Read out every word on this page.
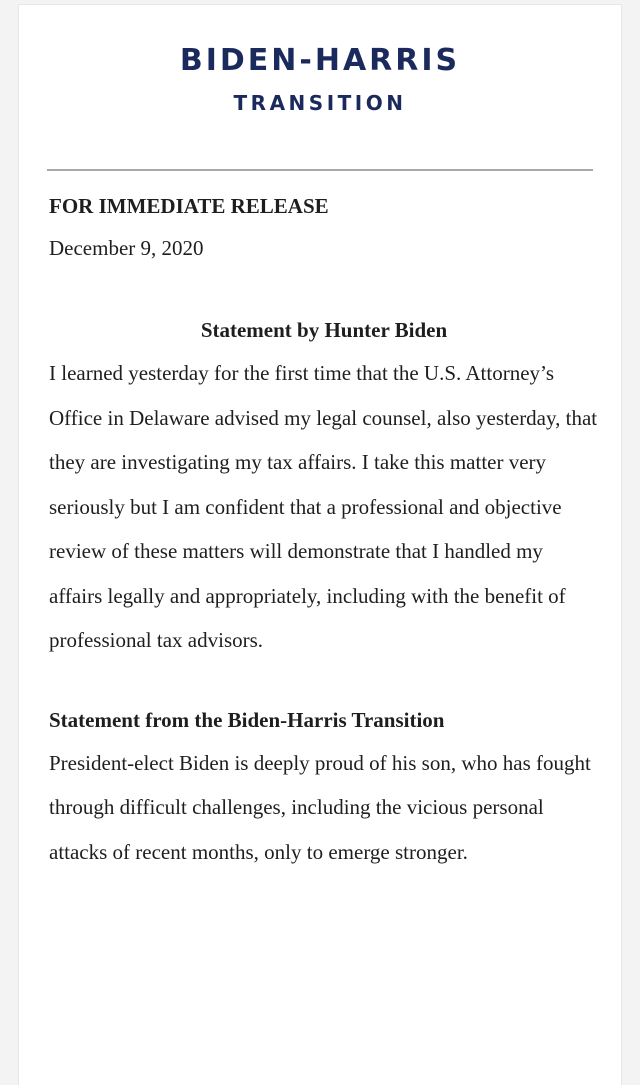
BIDEN-HARRIS
TRANSITION

FOR IMMEDIATE RELEASE

December 9, 2020

Statement by Hunter Biden

I learned yesterday for the first time that the U.S. Attorney’s Office in Delaware advised my legal counsel, also yesterday, that they are investigating my tax affairs. I take this matter very seriously but I am confident that a professional and objective review of these matters will demonstrate that I handled my affairs legally and appropriately, including with the benefit of professional tax advisors.

Statement from the Biden-Harris Transition

President-elect Biden is deeply proud of his son, who has fought through difficult challenges, including the vicious personal attacks of recent months, only to emerge stronger.
